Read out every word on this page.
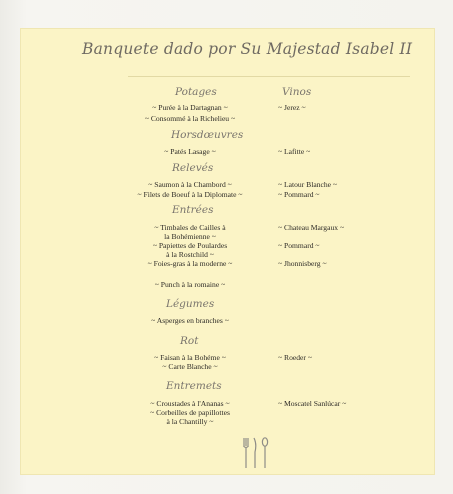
Banquete dado por Su Majestad Isabel II
Potages	Vinos
~ Purée à la Dartagnan ~
~ Consommé à la Richelieu ~
~ Jerez ~
Horsdœuvres
~ Patés Lasage ~	~ Lafitte ~
Relevés
~ Saumon à la Chambord ~
~ Filets de Boeuf à la Diplomate ~
~ Latour Blanche ~
~ Pommard ~
Entrées
~ Timbales de Cailles à
la Bohémienne ~
~ Papiettes de Poulardes
à la Rostchild ~
~ Foies-gras à la moderne ~
~ Chateau Margaux ~
~ Pommard ~
~ Jhonnisberg ~
~ Punch à la romaine ~
Légumes
~ Asperges en branches ~
Rot
~ Faisan à la Bohéme ~
~ Carte Blanche ~
~ Roeder ~
Entremets
~ Croustades à l'Ananas ~
~ Corbeilles de papillottes
à la Chantilly ~
~ Moscatel Sanlúcar ~
